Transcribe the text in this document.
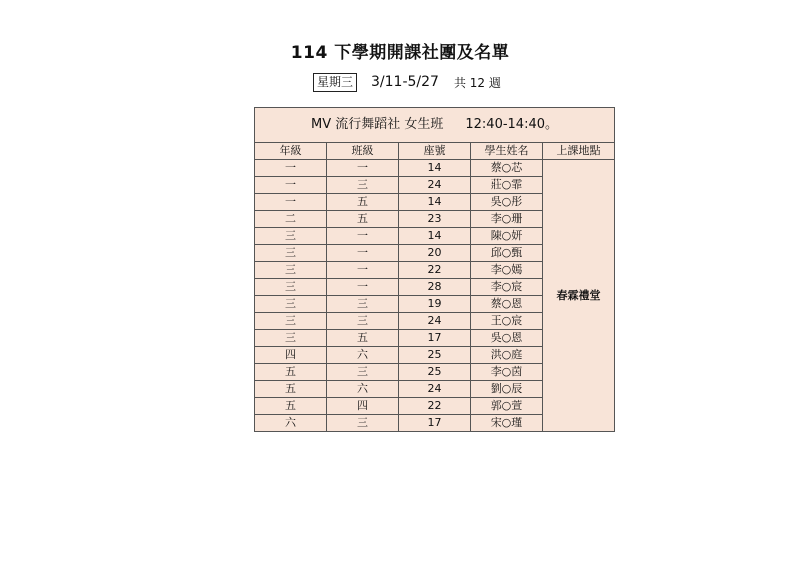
114 下學期開課社團及名單
星期三 3/11-5/27 共 12 週
MV 流行舞蹈社 女生班 12:40-14:40。				
年級	班級	座號	學生姓名	上課地點
一	一	14	蔡○芯	春霖禮堂
一	三	24	莊○霏	
一	五	14	吳○彤	
二	五	23	李○珊	
三	一	14	陳○妍	
三	一	20	邱○甄	
三	一	22	李○嫣	
三	一	28	李○宸	
三	三	19	蔡○恩	
三	三	24	王○宸	
三	五	17	吳○恩	
四	六	25	洪○庭	
五	三	25	李○茵	
五	六	24	劉○辰	
五	四	22	郭○萱	
六	三	17	宋○瑾	
